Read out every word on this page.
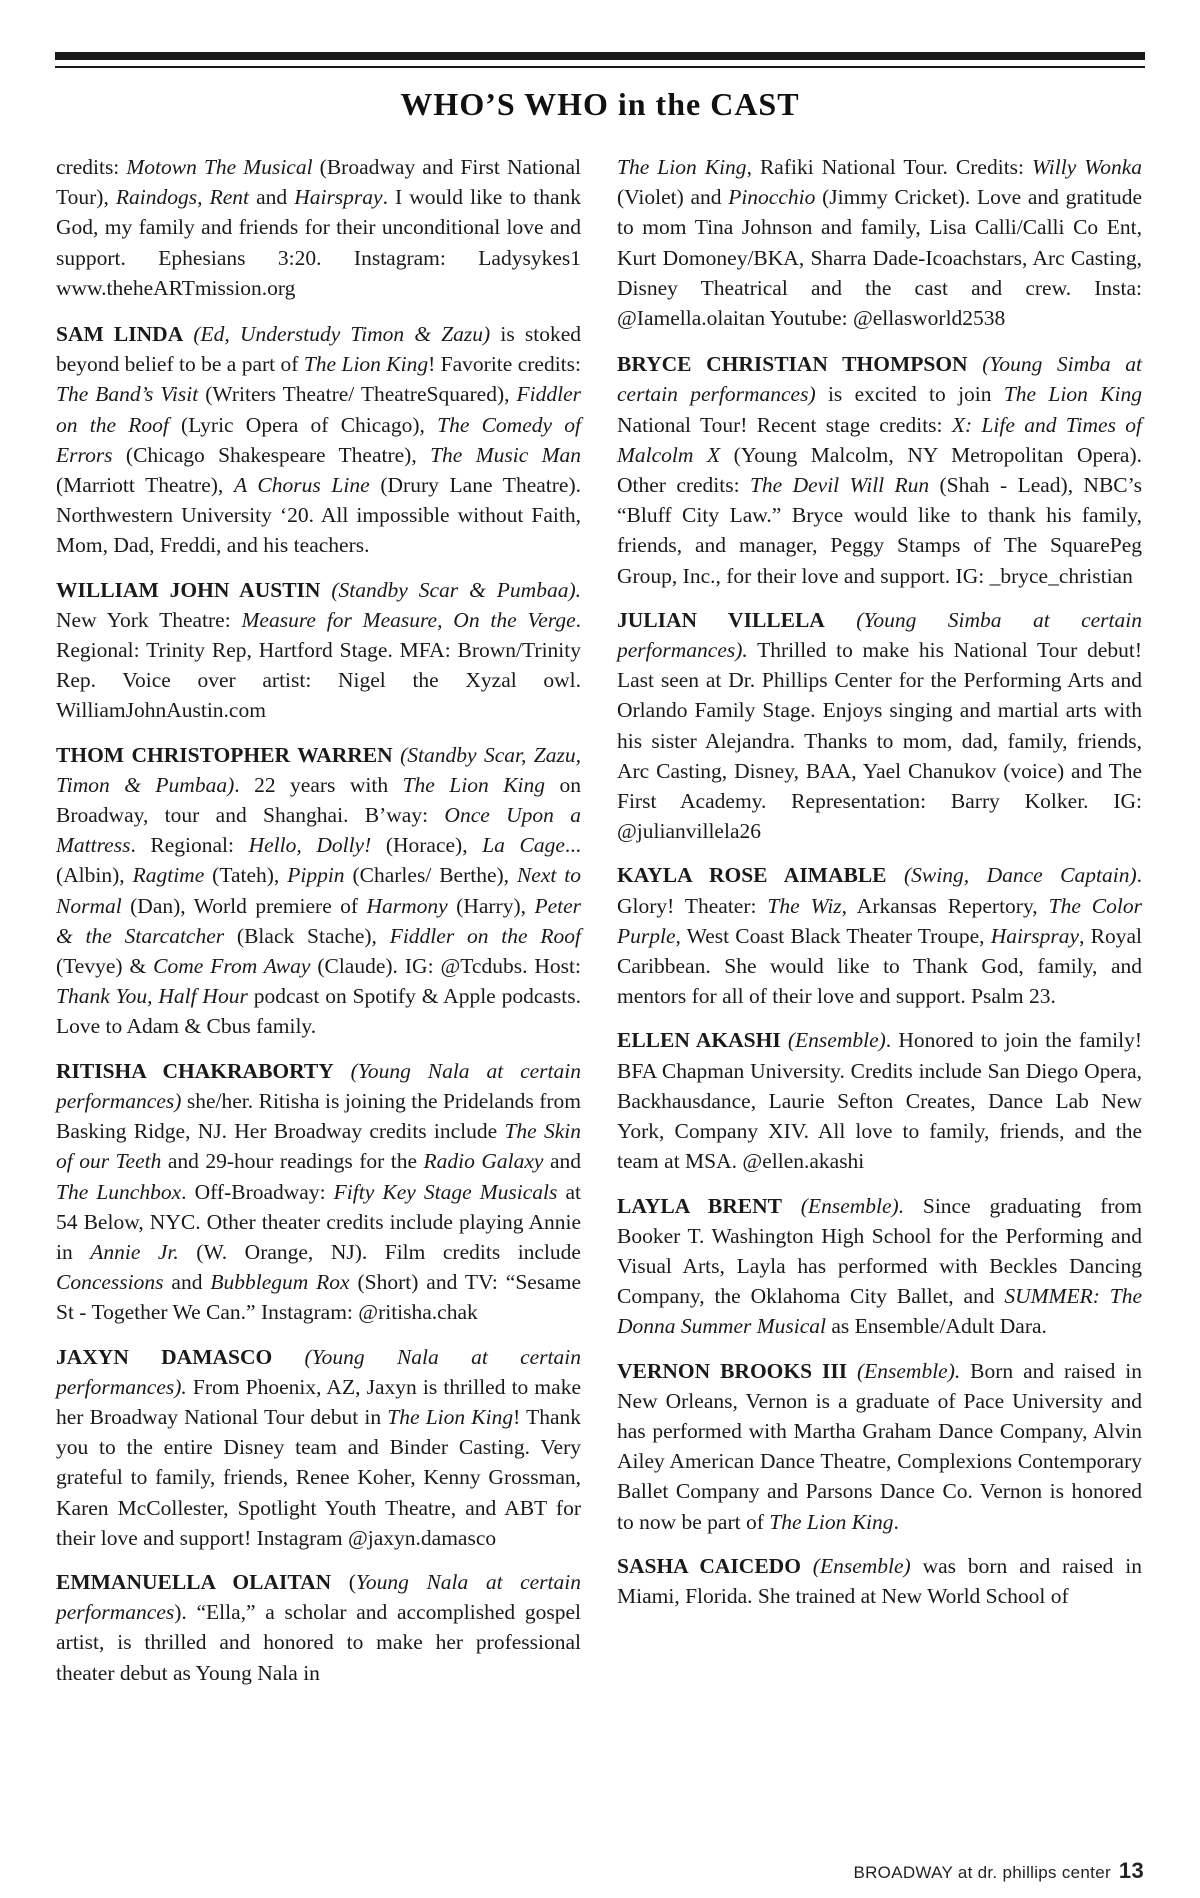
WHO’S WHO in the CAST

credits: Motown The Musical (Broadway and First National Tour), Raindogs, Rent and Hairspray. I would like to thank God, my family and friends for their unconditional love and support. Ephesians 3:20. Instagram: Ladysykes1 www.theheARTmission.org

SAM LINDA (Ed, Understudy Timon & Zazu) is stoked beyond belief to be a part of The Lion King! Favorite credits: The Band’s Visit (Writers Theatre/ TheatreSquared), Fiddler on the Roof (Lyric Opera of Chicago), The Comedy of Errors (Chicago Shakespeare Theatre), The Music Man (Marriott Theatre), A Chorus Line (Drury Lane Theatre). Northwestern University ‘20. All impossible without Faith, Mom, Dad, Freddi, and his teachers.

WILLIAM JOHN AUSTIN (Standby Scar & Pumbaa). New York Theatre: Measure for Measure, On the Verge. Regional: Trinity Rep, Hartford Stage. MFA: Brown/Trinity Rep. Voice over artist: Nigel the Xyzal owl. WilliamJohnAustin.com

THOM CHRISTOPHER WARREN (Standby Scar, Zazu, Timon & Pumbaa). 22 years with The Lion King on Broadway, tour and Shanghai. B’way: Once Upon a Mattress. Regional: Hello, Dolly! (Horace), La Cage... (Albin), Ragtime (Tateh), Pippin (Charles/ Berthe), Next to Normal (Dan), World premiere of Harmony (Harry), Peter & the Starcatcher (Black Stache), Fiddler on the Roof (Tevye) & Come From Away (Claude). IG: @Tcdubs. Host: Thank You, Half Hour podcast on Spotify & Apple podcasts. Love to Adam & Cbus family.

RITISHA CHAKRABORTY (Young Nala at certain performances) she/her. Ritisha is joining the Pridelands from Basking Ridge, NJ. Her Broadway credits include The Skin of our Teeth and 29-hour readings for the Radio Galaxy and The Lunchbox. Off-Broadway: Fifty Key Stage Musicals at 54 Below, NYC. Other theater credits include playing Annie in Annie Jr. (W. Orange, NJ). Film credits include Concessions and Bubblegum Rox (Short) and TV: “Sesame St - Together We Can.” Instagram: @ritisha.chak

JAXYN DAMASCO (Young Nala at certain performances). From Phoenix, AZ, Jaxyn is thrilled to make her Broadway National Tour debut in The Lion King! Thank you to the entire Disney team and Binder Casting. Very grateful to family, friends, Renee Koher, Kenny Grossman, Karen McCollester, Spotlight Youth Theatre, and ABT for their love and support! Instagram @jaxyn.damasco

EMMANUELLA OLAITAN (Young Nala at certain performances). “Ella,” a scholar and accomplished gospel artist, is thrilled and honored to make her professional theater debut as Young Nala in

The Lion King, Rafiki National Tour. Credits: Willy Wonka (Violet) and Pinocchio (Jimmy Cricket). Love and gratitude to mom Tina Johnson and family, Lisa Calli/Calli Co Ent, Kurt Domoney/BKA, Sharra Dade-Icoachstars, Arc Casting, Disney Theatrical and the cast and crew. Insta: @Iamella.olaitan Youtube: @ellasworld2538

BRYCE CHRISTIAN THOMPSON (Young Simba at certain performances) is excited to join The Lion King National Tour! Recent stage credits: X: Life and Times of Malcolm X (Young Malcolm, NY Metropolitan Opera). Other credits: The Devil Will Run (Shah - Lead), NBC’s “Bluff City Law.” Bryce would like to thank his family, friends, and manager, Peggy Stamps of The SquarePeg Group, Inc., for their love and support. IG: _bryce_christian

JULIAN VILLELA (Young Simba at certain performances). Thrilled to make his National Tour debut! Last seen at Dr. Phillips Center for the Performing Arts and Orlando Family Stage. Enjoys singing and martial arts with his sister Alejandra. Thanks to mom, dad, family, friends, Arc Casting, Disney, BAA, Yael Chanukov (voice) and The First Academy. Representation: Barry Kolker. IG: @julianvillela26

KAYLA ROSE AIMABLE (Swing, Dance Captain). Glory! Theater: The Wiz, Arkansas Repertory, The Color Purple, West Coast Black Theater Troupe, Hairspray, Royal Caribbean. She would like to Thank God, family, and mentors for all of their love and support. Psalm 23.

ELLEN AKASHI (Ensemble). Honored to join the family! BFA Chapman University. Credits include San Diego Opera, Backhausdance, Laurie Sefton Creates, Dance Lab New York, Company XIV. All love to family, friends, and the team at MSA. @ellen.akashi

LAYLA BRENT (Ensemble). Since graduating from Booker T. Washington High School for the Performing and Visual Arts, Layla has performed with Beckles Dancing Company, the Oklahoma City Ballet, and SUMMER: The Donna Summer Musical as Ensemble/Adult Dara.

VERNON BROOKS III (Ensemble). Born and raised in New Orleans, Vernon is a graduate of Pace University and has performed with Martha Graham Dance Company, Alvin Ailey American Dance Theatre, Complexions Contemporary Ballet Company and Parsons Dance Co. Vernon is honored to now be part of The Lion King.

SASHA CAICEDO (Ensemble) was born and raised in Miami, Florida. She trained at New World School of

BROADWAY at dr. phillips center 13
